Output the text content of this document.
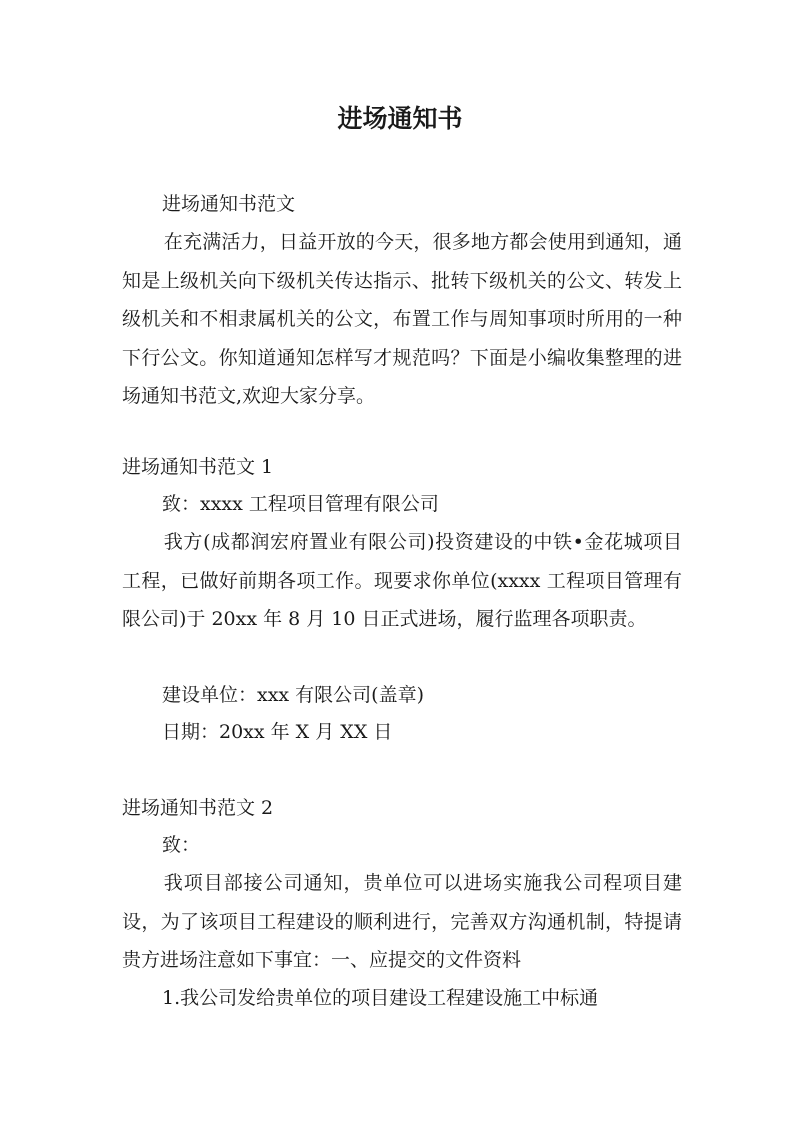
进场通知书
进场通知书范文
在充满活力，日益开放的今天，很多地方都会使用到通知，通知是上级机关向下级机关传达指示、批转下级机关的公文、转发上级机关和不相隶属机关的公文，布置工作与周知事项时所用的一种下行公文。你知道通知怎样写才规范吗？下面是小编收集整理的进场通知书范文,欢迎大家分享。
进场通知书范文 1
致：xxxx 工程项目管理有限公司
我方(成都润宏府置业有限公司)投资建设的中铁•金花城项目工程，已做好前期各项工作。现要求你单位(xxxx 工程项目管理有限公司)于 20xx 年 8 月 10 日正式进场，履行监理各项职责。
建设单位：xxx 有限公司(盖章)
日期：20xx 年 X 月 XX 日
进场通知书范文 2
致：
我项目部接公司通知，贵单位可以进场实施我公司程项目建设，为了该项目工程建设的顺利进行，完善双方沟通机制，特提请贵方进场注意如下事宜：一、应提交的文件资料
1.我公司发给贵单位的项目建设工程建设施工中标通
